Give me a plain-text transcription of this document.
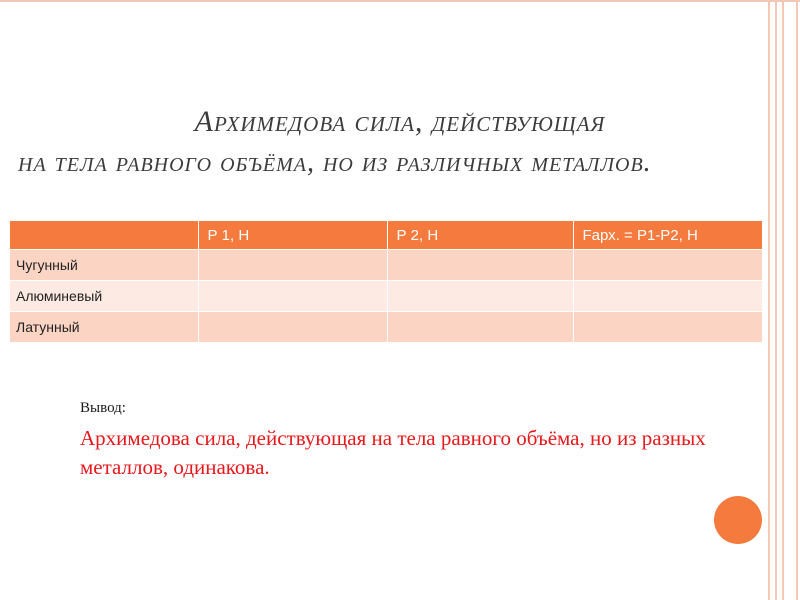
Архимедова сила, действующая
на тела равного объёма, но из различных металлов.
	Р 1, Н	Р 2, Н	Fарх. = Р1-Р2, Н
Чугунный			
Алюминевый			
Латунный			
Вывод:
Архимедова сила, действующая на тела равного объёма, но из разных металлов, одинакова.
